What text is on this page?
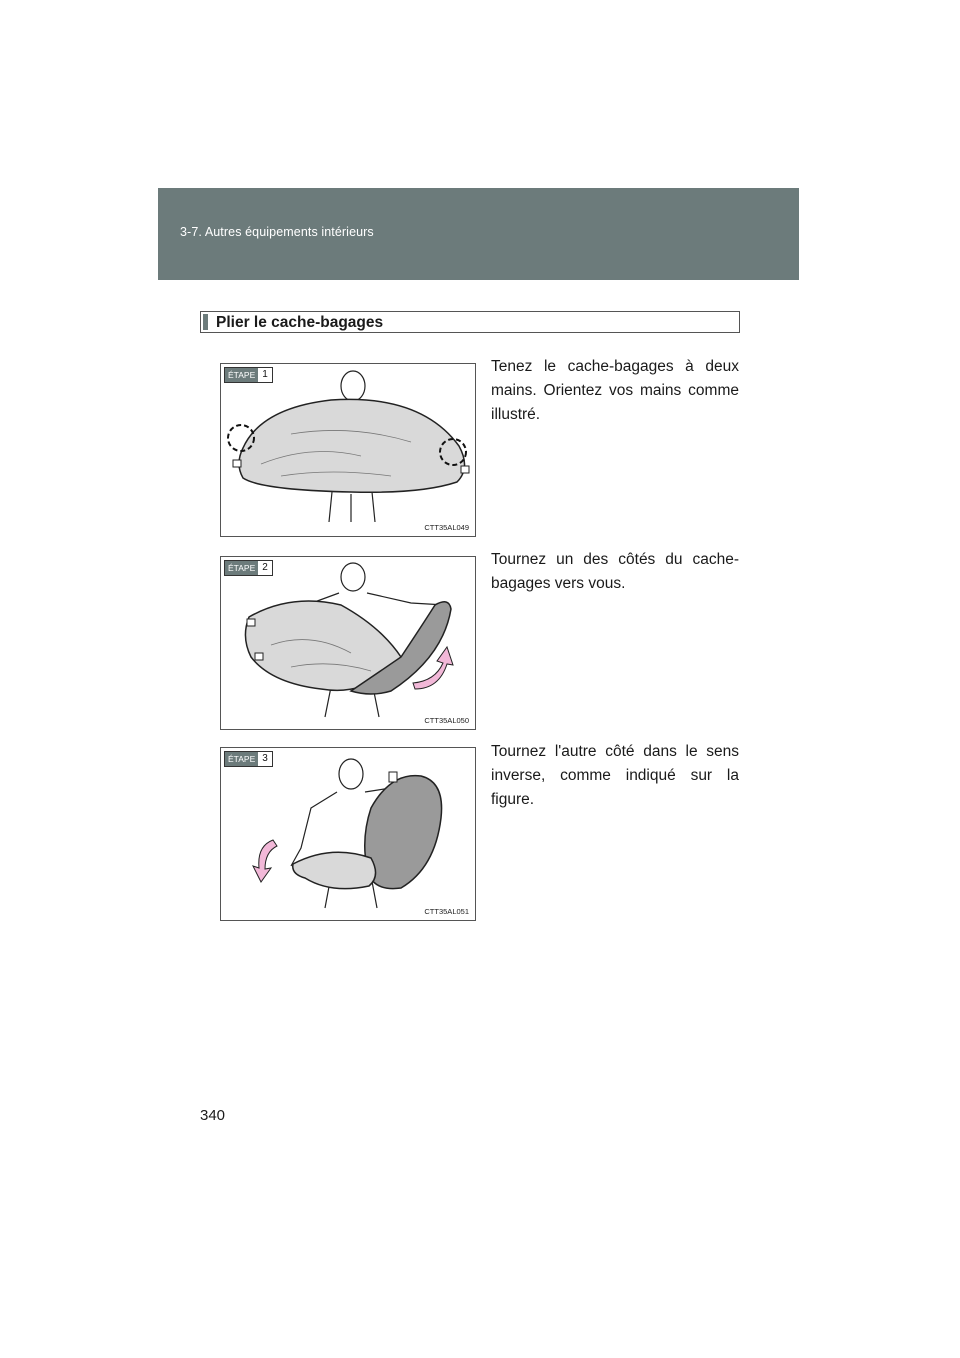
3-7. Autres équipements intérieurs
Plier le cache-bagages
ÉTAPE 1
CTT35AL049
Tenez le cache-bagages à deux mains. Orientez vos mains comme illustré.
ÉTAPE 2
CTT35AL050
Tournez un des côtés du cache-bagages vers vous.
ÉTAPE 3
CTT35AL051
Tournez l'autre côté dans le sens inverse, comme indiqué sur la figure.
340
